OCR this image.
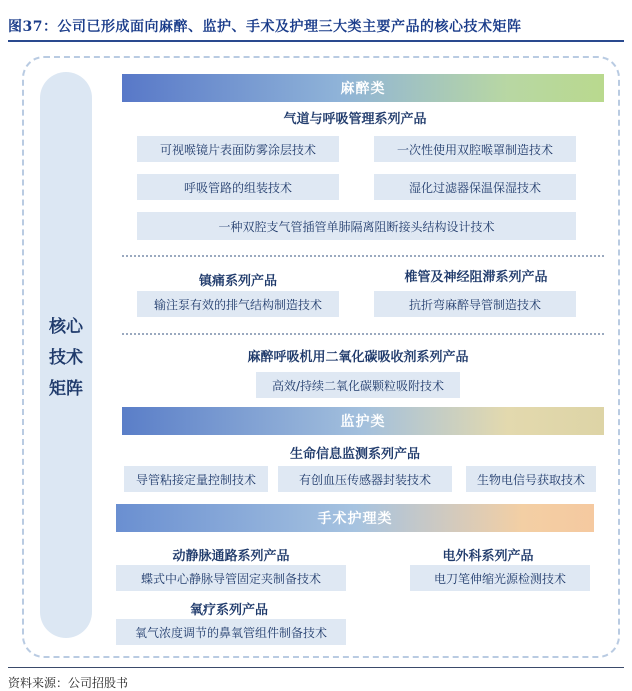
图37：公司已形成面向麻醉、监护、手术及护理三大类主要产品的核心技术矩阵
核心
技术
矩阵
麻醉类
气道与呼吸管理系列产品
可视喉镜片表面防雾涂层技术	一次性使用双腔喉罩制造技术
呼吸管路的组装技术	湿化过滤器保温保湿技术
一种双腔支气管插管单肺隔离阻断接头结构设计技术
镇痛系列产品	椎管及神经阻滞系列产品
输注泵有效的排气结构制造技术	抗折弯麻醉导管制造技术
麻醉呼吸机用二氧化碳吸收剂系列产品
高效/持续二氧化碳颗粒吸附技术
监护类
生命信息监测系列产品
导管粘接定量控制技术	有创血压传感器封装技术	生物电信号获取技术
手术护理类
动静脉通路系列产品	电外科系列产品
蝶式中心静脉导管固定夹制备技术	电刀笔伸缩光源检测技术
氧疗系列产品
氧气浓度调节的鼻氧管组件制备技术
资料来源：公司招股书
